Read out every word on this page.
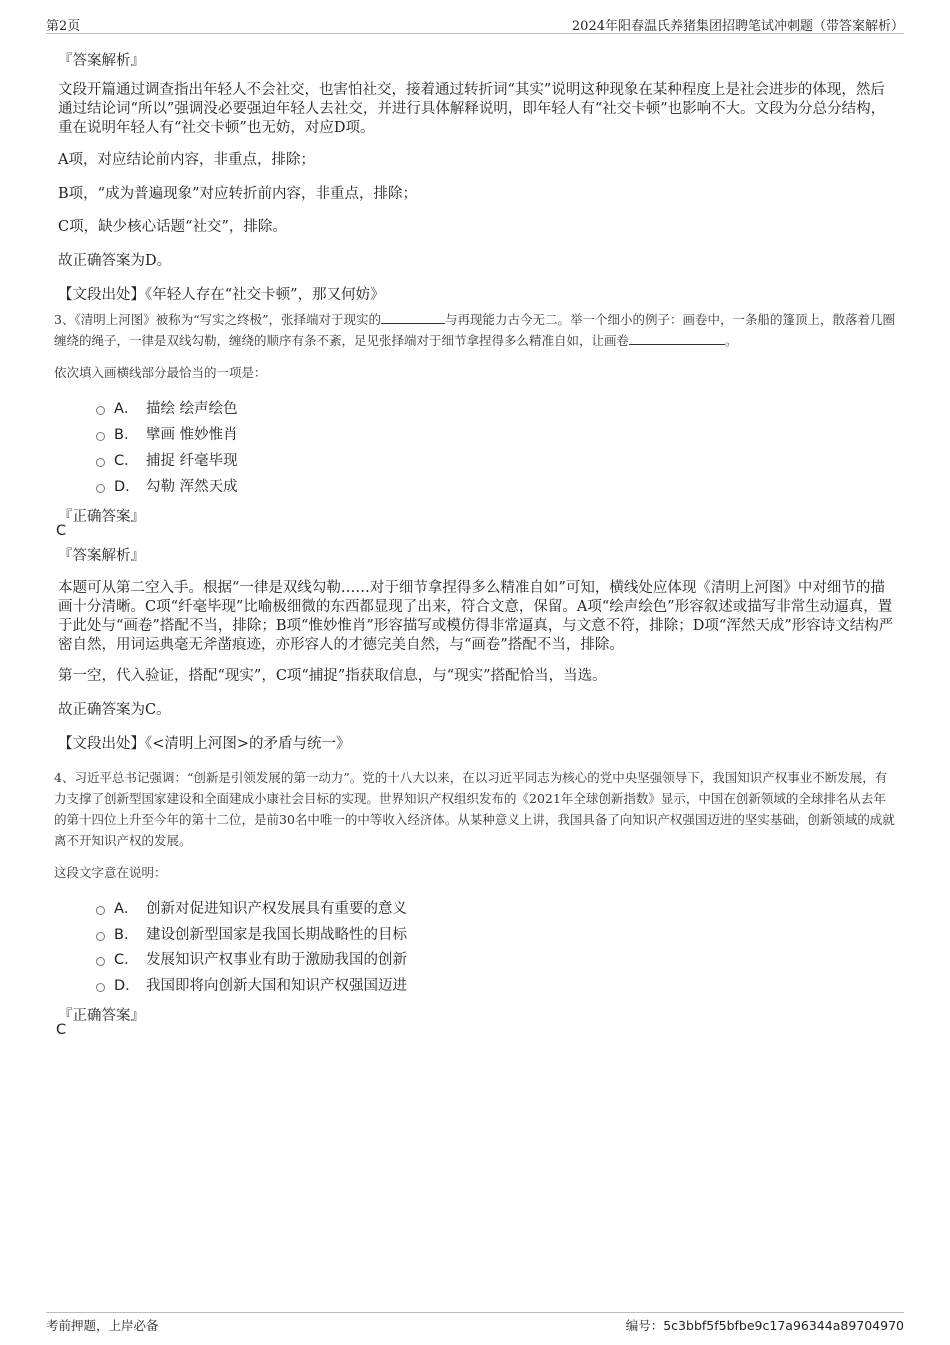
第2页	2024年阳春温氏养猪集团招聘笔试冲刺题（带答案解析）
『答案解析』
文段开篇通过调查指出年轻人不会社交，也害怕社交，接着通过转折词“其实”说明这种现象在某种程度上是社会进步的体现，然后通过结论词“所以”强调没必要强迫年轻人去社交，并进行具体解释说明，即年轻人有“社交卡顿”也影响不大。文段为分总分结构，重在说明年轻人有“社交卡顿”也无妨，对应D项。
A项，对应结论前内容，非重点，排除；
B项，“成为普遍现象”对应转折前内容，非重点，排除；
C项，缺少核心话题“社交”，排除。
故正确答案为D。
【文段出处】《年轻人存在“社交卡顿”，那又何妨》
3、《清明上河图》被称为“写实之终极”，张择端对于现实的	与再现能力古今无二。举一个细小的例子：画卷中，一条船的篷顶上，散落着几圈缠绕的绳子，一律是双线勾勒，缠绕的顺序有条不紊，足见张择端对于细节拿捏得多么精准自如，让画卷	。
依次填入画横线部分最恰当的一项是：
A． 描绘 绘声绘色
B． 擘画 惟妙惟肖
C． 捕捉 纤毫毕现
D． 勾勒 浑然天成
『正确答案』
C
『答案解析』
本题可从第二空入手。根据“一律是双线勾勒……对于细节拿捏得多么精准自如”可知，横线处应体现《清明上河图》中对细节的描画十分清晰。C项“纤毫毕现”比喻极细微的东西都显现了出来，符合文意，保留。A项“绘声绘色”形容叙述或描写非常生动逼真，置于此处与“画卷”搭配不当，排除；B项“惟妙惟肖”形容描写或模仿得非常逼真，与文意不符，排除；D项“浑然天成”形容诗文结构严密自然，用词运典毫无斧凿痕迹，亦形容人的才德完美自然，与“画卷”搭配不当，排除。
第一空，代入验证，搭配“现实”，C项“捕捉”指获取信息，与“现实”搭配恰当，当选。
故正确答案为C。
【文段出处】《<清明上河图>的矛盾与统一》
4、习近平总书记强调：“创新是引领发展的第一动力”。党的十八大以来，在以习近平同志为核心的党中央坚强领导下，我国知识产权事业不断发展，有力支撑了创新型国家建设和全面建成小康社会目标的实现。世界知识产权组织发布的《2021年全球创新指数》显示，中国在创新领域的全球排名从去年的第十四位上升至今年的第十二位，是前30名中唯一的中等收入经济体。从某种意义上讲，我国具备了向知识产权强国迈进的坚实基础，创新领域的成就离不开知识产权的发展。
这段文字意在说明：
A． 创新对促进知识产权发展具有重要的意义
B． 建设创新型国家是我国长期战略性的目标
C． 发展知识产权事业有助于激励我国的创新
D． 我国即将向创新大国和知识产权强国迈进
『正确答案』
C
考前押题，上岸必备	编号：5c3bbf5f5bfbe9c17a96344a89704970
